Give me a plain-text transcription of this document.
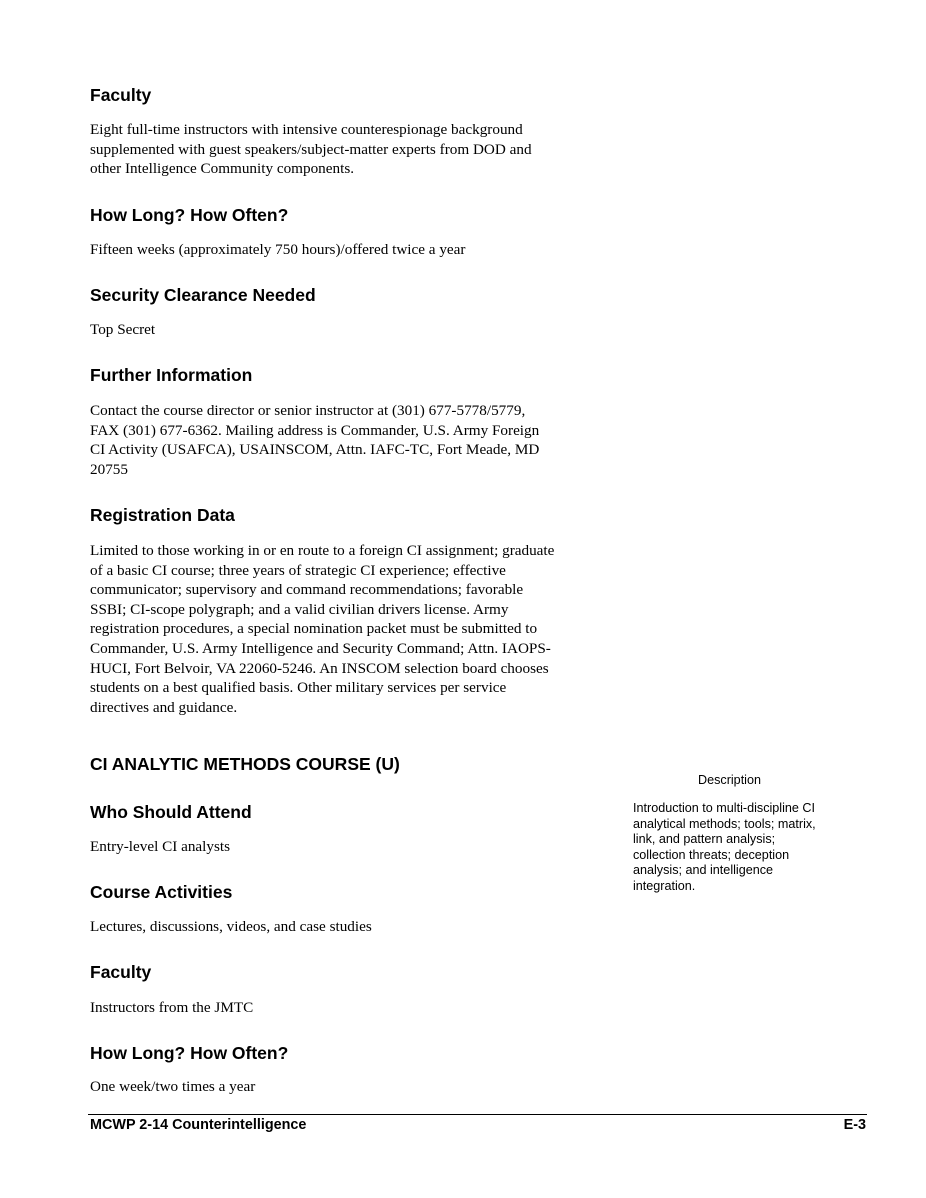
Faculty
Eight full-time instructors with intensive counterespionage background
supplemented with guest speakers/subject-matter experts from DOD and
other Intelligence Community components.
How Long? How Often?
Fifteen weeks (approximately 750 hours)/offered twice a year
Security Clearance Needed
Top Secret
Further Information
Contact the course director or senior instructor at (301) 677-5778/5779,
FAX (301) 677-6362. Mailing address is Commander, U.S. Army Foreign
CI Activity (USAFCA), USAINSCOM, Attn. IAFC-TC, Fort Meade, MD
20755
Registration Data
Limited to those working in or en route to a foreign CI assignment; graduate
of a basic CI course; three years of strategic CI experience; effective
communicator; supervisory and command recommendations; favorable
SSBI; CI-scope polygraph; and a valid civilian drivers license. Army
registration procedures, a special nomination packet must be submitted to
Commander, U.S. Army Intelligence and Security Command; Attn. IAOPS-
HUCI, Fort Belvoir, VA 22060-5246. An INSCOM selection board chooses
students on a best qualified basis. Other military services per service
directives and guidance.
CI ANALYTIC METHODS COURSE (U)
Who Should Attend
Entry-level CI analysts
Course Activities
Lectures, discussions, videos, and case studies
Faculty
Instructors from the JMTC
How Long? How Often?
One week/two times a year
Description
Introduction to multi-discipline CI
analytical methods; tools; matrix,
link, and pattern analysis;
collection threats; deception
analysis; and intelligence
integration.
MCWP 2-14 Counterintelligence	E-3
